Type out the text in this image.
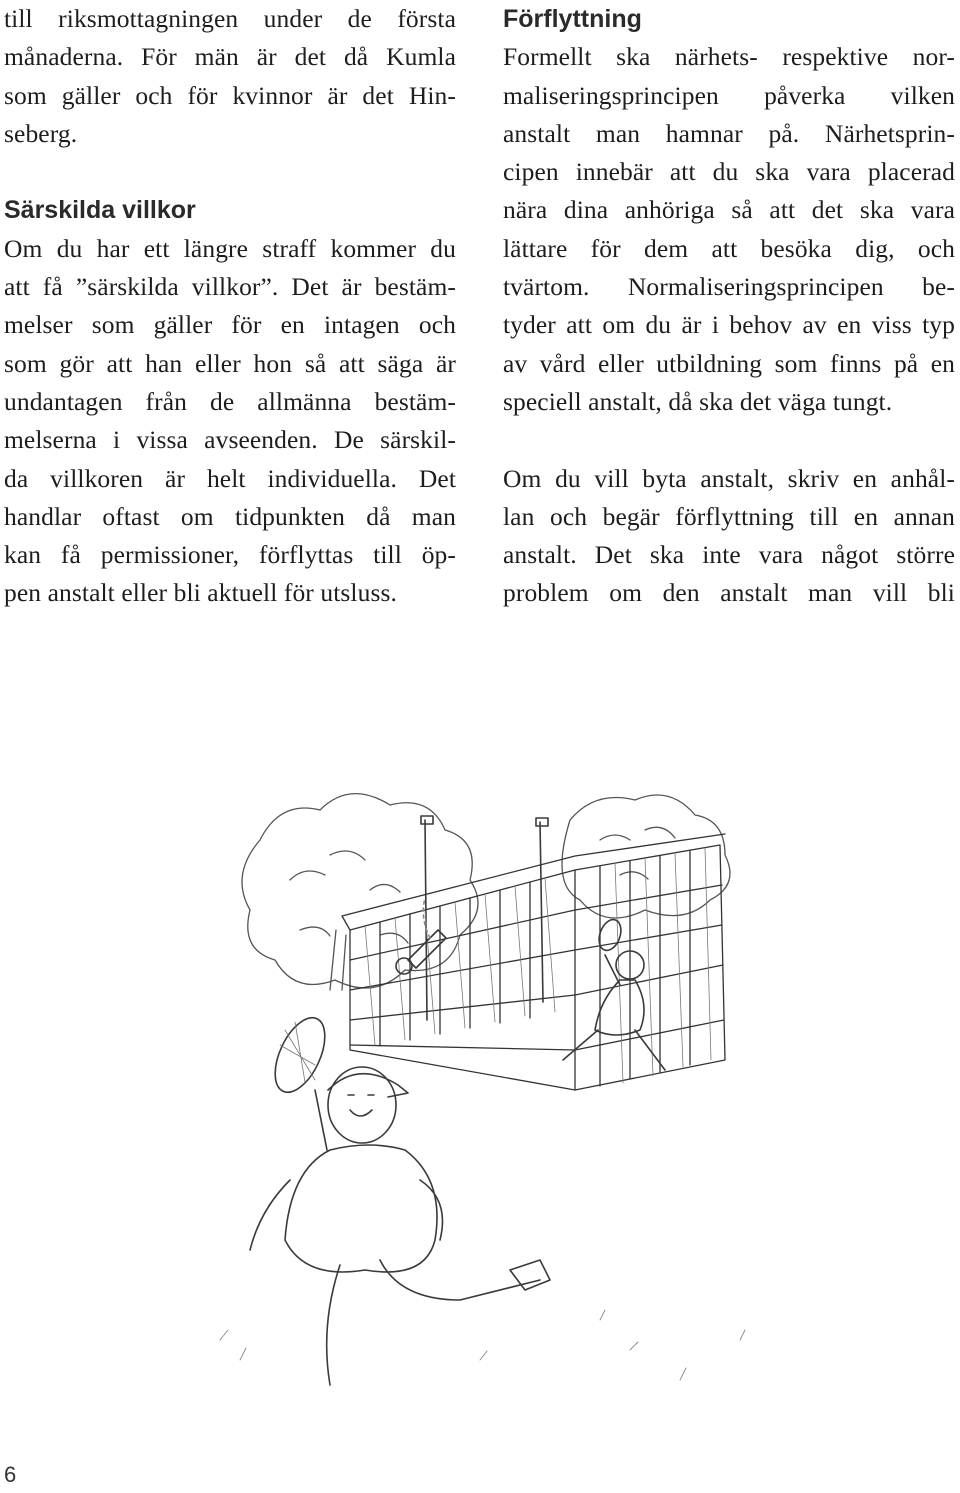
till riksmottagningen under de första
månaderna. För män är det då Kumla
som gäller och för kvinnor är det Hin-
seberg.
Särskilda villkor
Om du har ett längre straff kommer du
att få ”särskilda villkor”. Det är bestäm-
melser som gäller för en intagen och
som gör att han eller hon så att säga är
undantagen från de allmänna bestäm-
melserna i vissa avseenden. De särskil-
da villkoren är helt individuella. Det
handlar oftast om tidpunkten då man
kan få permissioner, förflyttas till öp-
pen anstalt eller bli aktuell för utsluss.
Förflyttning
Formellt ska närhets- respektive nor-
maliseringsprincipen påverka vilken
anstalt man hamnar på. Närhetsprin-
cipen innebär att du ska vara placerad
nära dina anhöriga så att det ska vara
lättare för dem att besöka dig, och
tvärtom. Normaliseringsprincipen be-
tyder att om du är i behov av en viss typ
av vård eller utbildning som finns på en
speciell anstalt, då ska det väga tungt.
Om du vill byta anstalt, skriv en anhål-
lan och begär förflyttning till en annan
anstalt. Det ska inte vara något större
problem om den anstalt man vill bli
6
